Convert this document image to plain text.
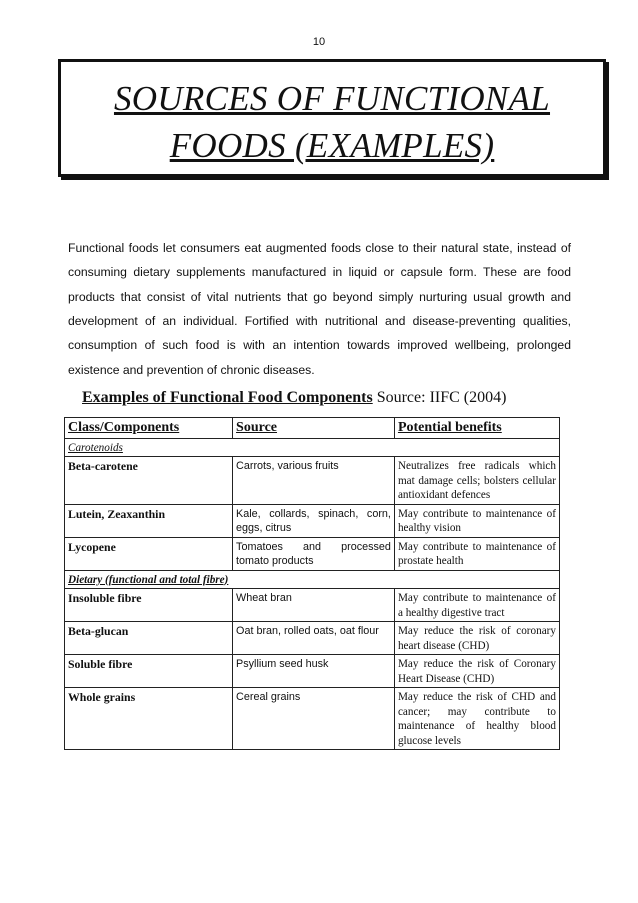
10
SOURCES OF FUNCTIONAL
FOODS (EXAMPLES)

Functional foods let consumers eat augmented foods close to their natural state, instead of consuming dietary supplements manufactured in liquid or capsule form. These are food products that consist of vital nutrients that go beyond simply nurturing usual growth and development of an individual. Fortified with nutritional and disease-preventing qualities, consumption of such food is with an intention towards improved wellbeing, prolonged existence and prevention of chronic diseases.

Examples of Functional Food Components Source: IIFC (2004)
Class/Components	Source	Potential benefits
Carotenoids		
Beta-carotene	Carrots, various fruits	Neutralizes free radicals which mat damage cells; bolsters cellular antioxidant defences
Lutein, Zeaxanthin	Kale, collards, spinach, corn, eggs, citrus	May contribute to maintenance of healthy vision
Lycopene	Tomatoes and processed tomato products	May contribute to maintenance of prostate health
Dietary (functional and total fibre)		
Insoluble fibre	Wheat bran	May contribute to maintenance of a healthy digestive tract
Beta-glucan	Oat bran, rolled oats, oat flour	May reduce the risk of coronary heart disease (CHD)
Soluble fibre	Psyllium seed husk	May reduce the risk of Coronary Heart Disease (CHD)
Whole grains	Cereal grains	May reduce the risk of CHD and cancer; may contribute to maintenance of healthy blood glucose levels
